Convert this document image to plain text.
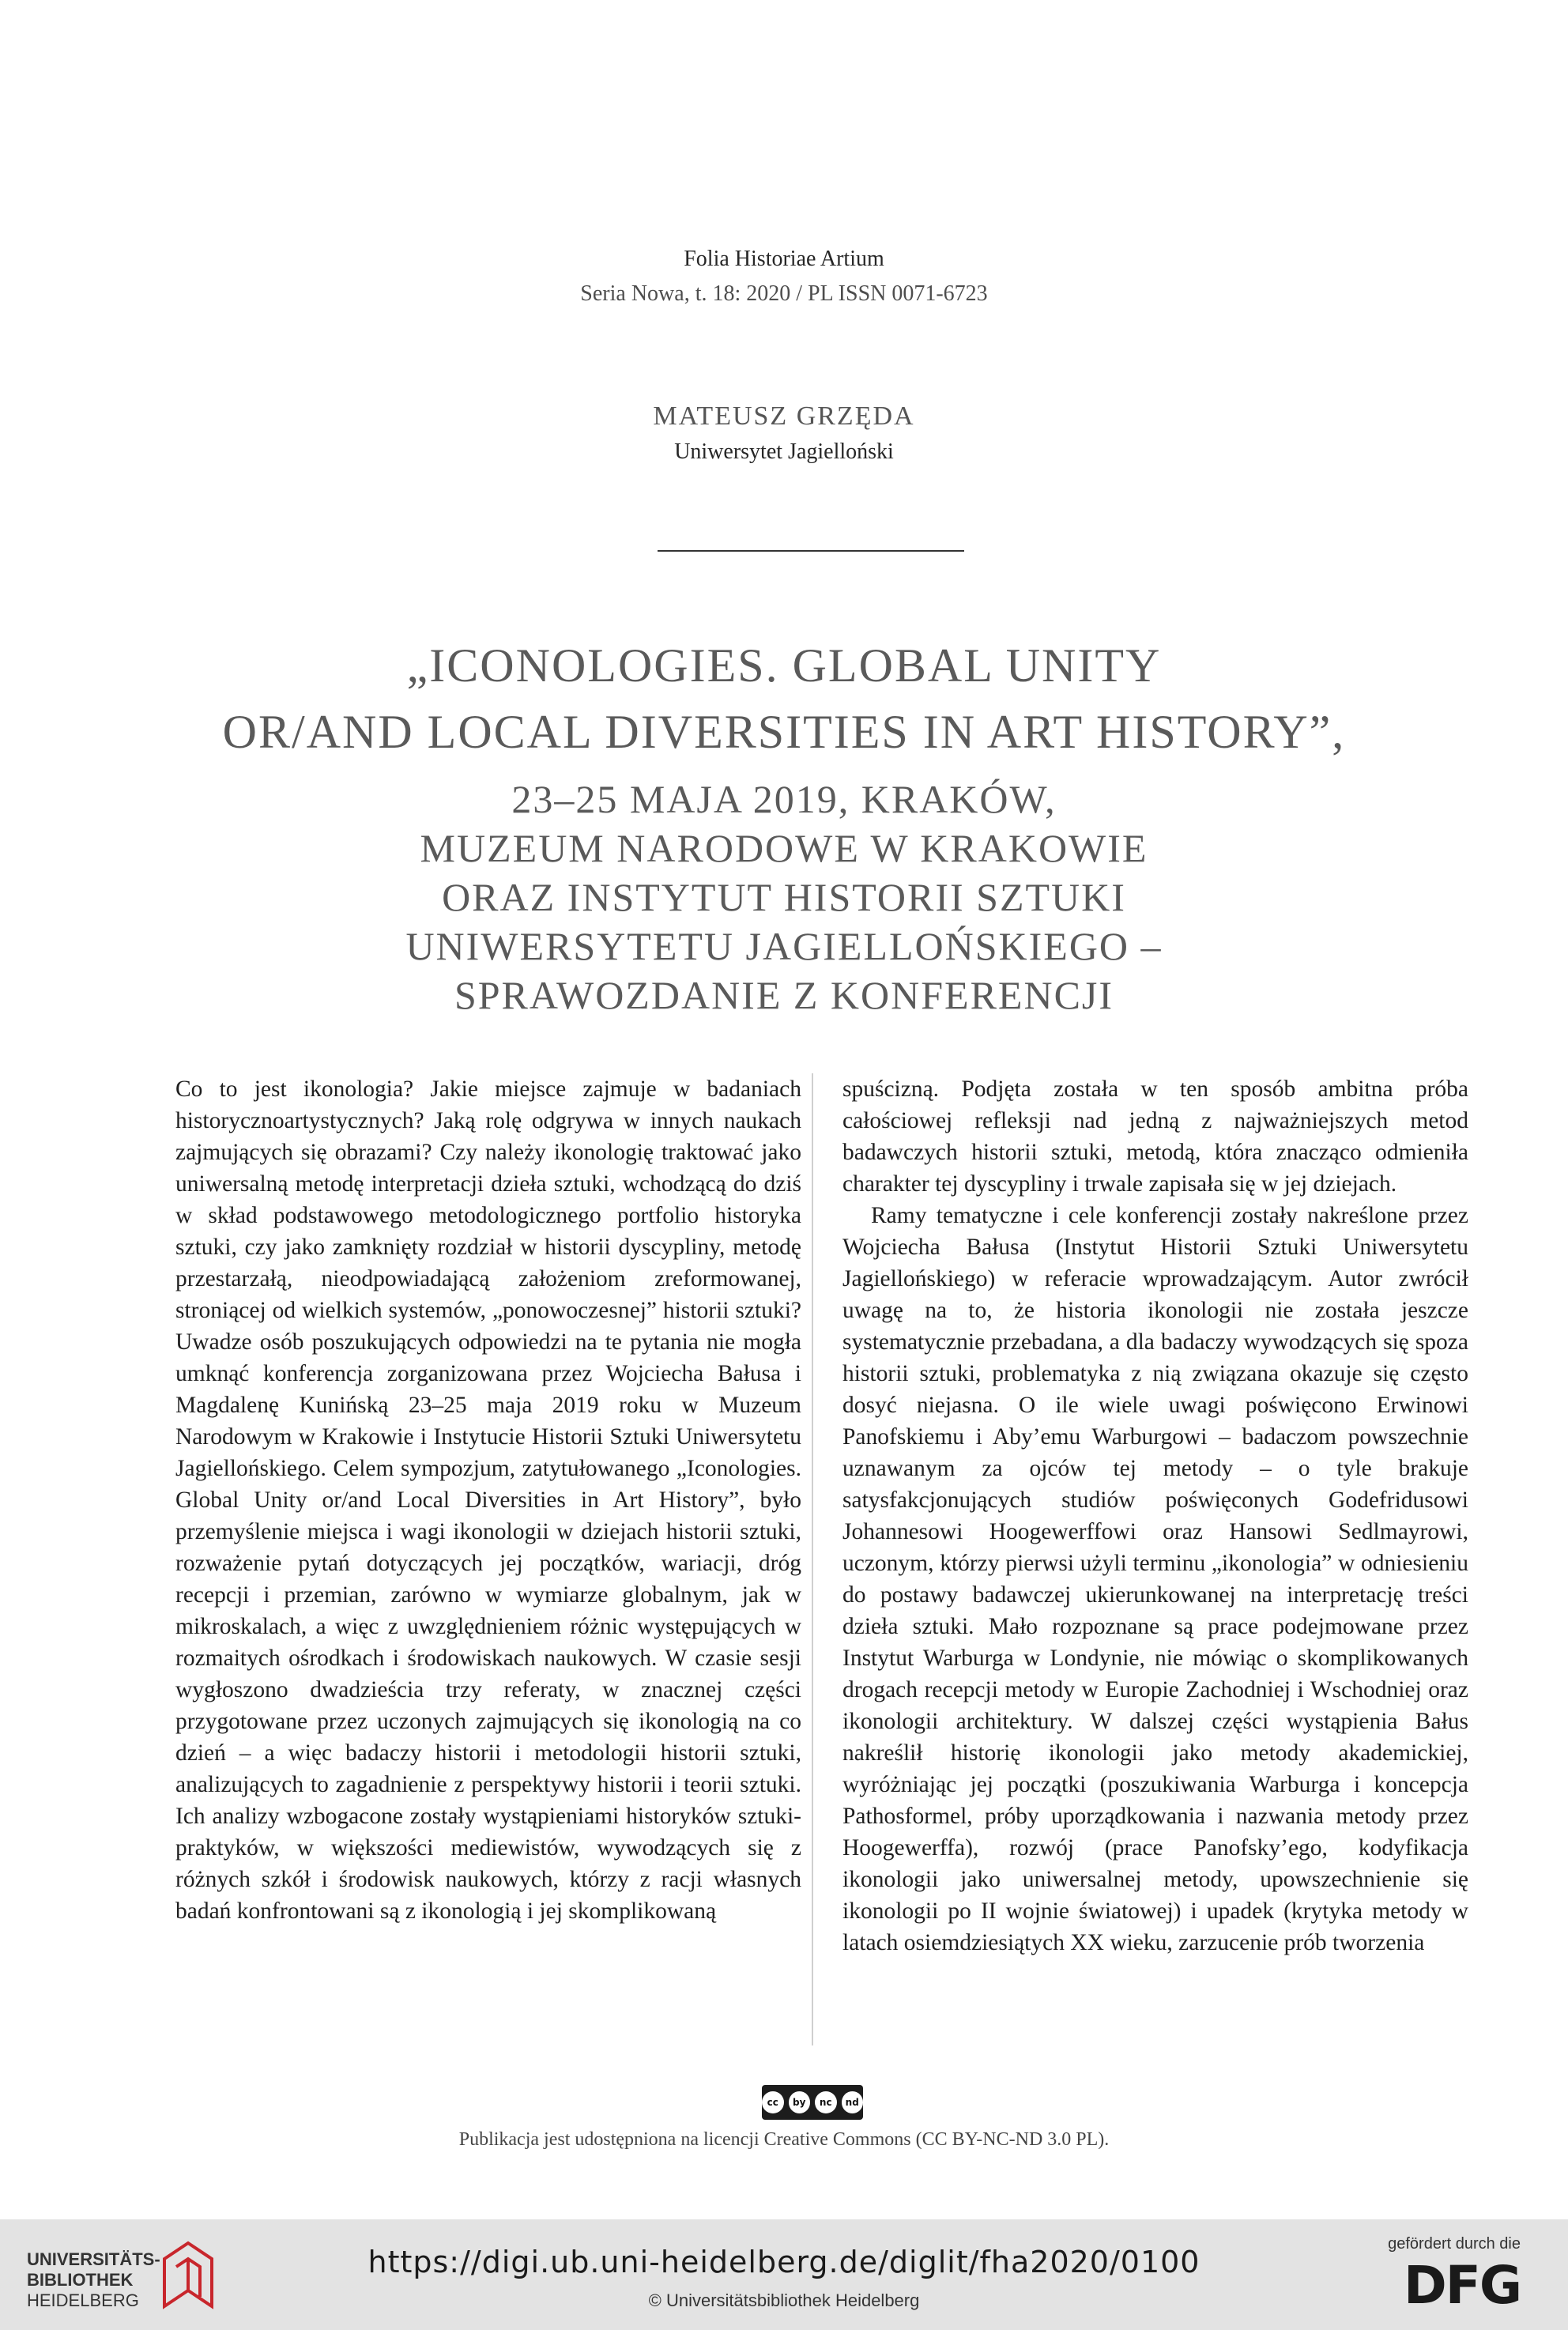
Folia Historiae Artium
Seria Nowa, t. 18: 2020 / PL ISSN 0071-6723
MATEUSZ GRZĘDA
Uniwersytet Jagielloński
„ICONOLOGIES. GLOBAL UNITY
OR/AND LOCAL DIVERSITIES IN ART HISTORY”,
23–25 MAJA 2019, KRAKÓW,
MUZEUM NARODOWE W KRAKOWIE
ORAZ INSTYTUT HISTORII SZTUKI
UNIWERSYTETU JAGIELLOŃSKIEGO –
SPRAWOZDANIE Z KONFERENCJI

Co to jest ikonologia? Jakie miejsce zajmuje w badaniach historycznoartystycznych? Jaką rolę odgrywa w innych naukach zajmujących się obrazami? Czy należy ikonologię traktować jako uniwersalną metodę interpretacji dzieła sztuki, wchodzącą do dziś w skład podstawowego metodologicznego portfolio historyka sztuki, czy jako zamknięty rozdział w historii dyscypliny, metodę przestarzałą, nieodpowiadającą założeniom zreformowanej, stroniącej od wielkich systemów, „ponowoczesnej” historii sztuki? Uwadze osób poszukujących odpowiedzi na te pytania nie mogła umknąć konferencja zorganizowana przez Wojciecha Bałusa i Magdalenę Kunińską 23–25 maja 2019 roku w Muzeum Narodowym w Krakowie i Instytucie Historii Sztuki Uniwersytetu Jagiellońskiego. Celem sympozjum, zatytułowanego „Iconologies. Global Unity or/and Local Diversities in Art History”, było przemyślenie miejsca i wagi ikonologii w dziejach historii sztuki, rozważenie pytań dotyczących jej początków, wariacji, dróg recepcji i przemian, zarówno w wymiarze globalnym, jak w mikroskalach, a więc z uwzględnieniem różnic występujących w rozmaitych ośrodkach i środowiskach naukowych. W czasie sesji wygłoszono dwadzieścia trzy referaty, w znacznej części przygotowane przez uczonych zajmujących się ikonologią na co dzień – a więc badaczy historii i metodologii historii sztuki, analizujących to zagadnienie z perspektywy historii i teorii sztuki. Ich analizy wzbogacone zostały wystąpieniami historyków sztuki-praktyków, w większości mediewistów, wywodzących się z różnych szkół i środowisk naukowych, którzy z racji własnych badań konfrontowani są z ikonologią i jej skomplikowaną

spuścizną. Podjęta została w ten sposób ambitna próba całościowej refleksji nad jedną z najważniejszych metod badawczych historii sztuki, metodą, która znacząco odmieniła charakter tej dyscypliny i trwale zapisała się w jej dziejach.

Ramy tematyczne i cele konferencji zostały nakreślone przez Wojciecha Bałusa (Instytut Historii Sztuki Uniwersytetu Jagiellońskiego) w referacie wprowadzającym. Autor zwrócił uwagę na to, że historia ikonologii nie została jeszcze systematycznie przebadana, a dla badaczy wywodzących się spoza historii sztuki, problematyka z nią związana okazuje się często dosyć niejasna. O ile wiele uwagi poświęcono Erwinowi Panofskiemu i Aby’emu Warburgowi – badaczom powszechnie uznawanym za ojców tej metody – o tyle brakuje satysfakcjonujących studiów poświęconych Godefridusowi Johannesowi Hoogewerffowi oraz Hansowi Sedlmayrowi, uczonym, którzy pierwsi użyli terminu „ikonologia” w odniesieniu do postawy badawczej ukierunkowanej na interpretację treści dzieła sztuki. Mało rozpoznane są prace podejmowane przez Instytut Warburga w Londynie, nie mówiąc o skomplikowanych drogach recepcji metody w Europie Zachodniej i Wschodniej oraz ikonologii architektury. W dalszej części wystąpienia Bałus nakreślił historię ikonologii jako metody akademickiej, wyróżniając jej początki (poszukiwania Warburga i koncepcja Pathosformel, próby uporządkowania i nazwania metody przez Hoogewerffa), rozwój (prace Panofsky’ego, kodyfikacja ikonologii jako uniwersalnej metody, upowszechnienie się ikonologii po II wojnie światowej) i upadek (krytyka metody w latach osiemdziesiątych XX wieku, zarzucenie prób tworzenia

cc	by	nc	nd
Publikacja jest udostępniona na licencji Creative Commons (CC BY-NC-ND 3.0 PL).
UNIVERSITÄTS-
BIBLIOTHEK
HEIDELBERG
https://digi.ub.uni-heidelberg.de/diglit/fha2020/0100
© Universitätsbibliothek Heidelberg
gefördert durch die
DFG
